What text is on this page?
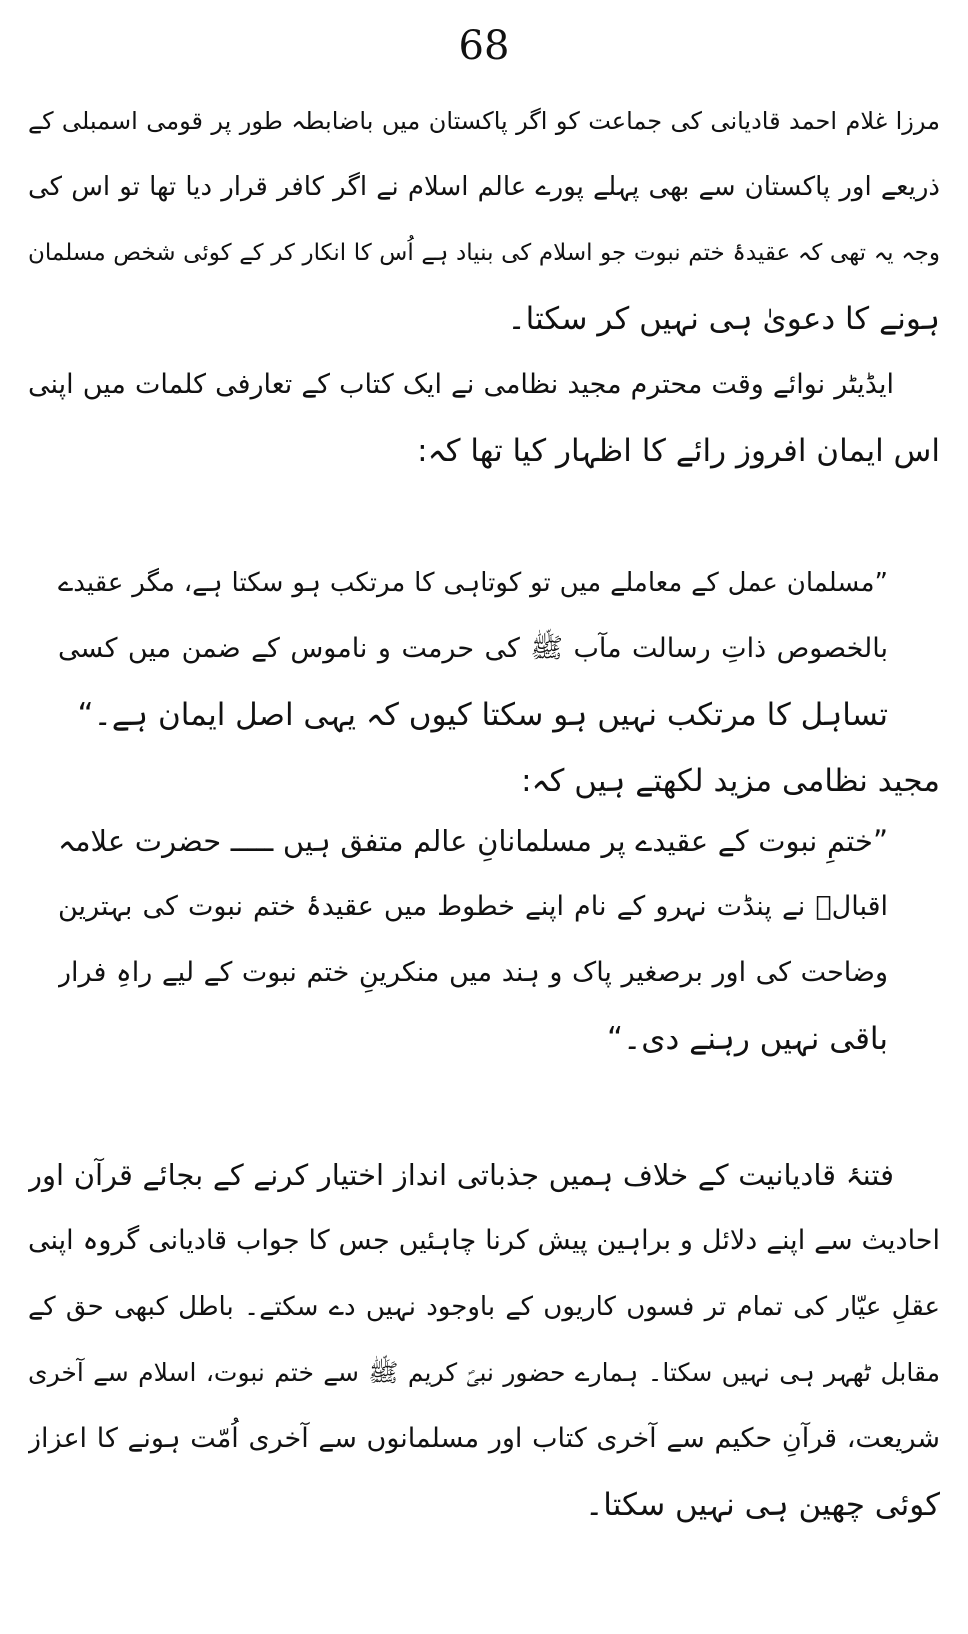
68
مرزا غلام احمد قادیانی کی جماعت کو اگر پاکستان میں باضابطہ طور پر قومی اسمبلی کے
ذریعے اور پاکستان سے بھی پہلے پورے عالم اسلام نے اگر کافر قرار دیا تھا تو اس کی
وجہ یہ تھی کہ عقیدۂ ختم نبوت جو اسلام کی بنیاد ہے اُس کا انکار کر کے کوئی شخص مسلمان
ہونے کا دعویٰ ہی نہیں کر سکتا۔
ایڈیٹر نوائے وقت محترم مجید نظامی نے ایک کتاب کے تعارفی کلمات میں اپنی
اس ایمان افروز رائے کا اظہار کیا تھا کہ:
”مسلمان عمل کے معاملے میں تو کوتاہی کا مرتکب ہو سکتا ہے، مگر عقیدے
بالخصوص ذاتِ رسالت مآب ﷺ کی حرمت و ناموس کے ضمن میں کسی
تساہل کا مرتکب نہیں ہو سکتا کیوں کہ یہی اصل ایمان ہے۔“
مجید نظامی مزید لکھتے ہیں کہ:
”ختمِ نبوت کے عقیدے پر مسلمانانِ عالم متفق ہیں ـــــ حضرت علامہ
اقبالؒ نے پنڈت نہرو کے نام اپنے خطوط میں عقیدۂ ختم نبوت کی بہترین
وضاحت کی اور برصغیر پاک و ہند میں منکرینِ ختم نبوت کے لیے راہِ فرار
باقی نہیں رہنے دی۔“
فتنۂ قادیانیت کے خلاف ہمیں جذباتی انداز اختیار کرنے کے بجائے قرآن اور
احادیث سے اپنے دلائل و براہین پیش کرنا چاہئیں جس کا جواب قادیانی گروہ اپنی
عقلِ عیّار کی تمام تر فسوں کاریوں کے باوجود نہیں دے سکتے۔ باطل کبھی حق کے
مقابل ٹھہر ہی نہیں سکتا۔ ہمارے حضور نبیؐ کریم ﷺ سے ختم نبوت، اسلام سے آخری
شریعت، قرآنِ حکیم سے آخری کتاب اور مسلمانوں سے آخری اُمّت ہونے کا اعزاز
کوئی چھین ہی نہیں سکتا۔
